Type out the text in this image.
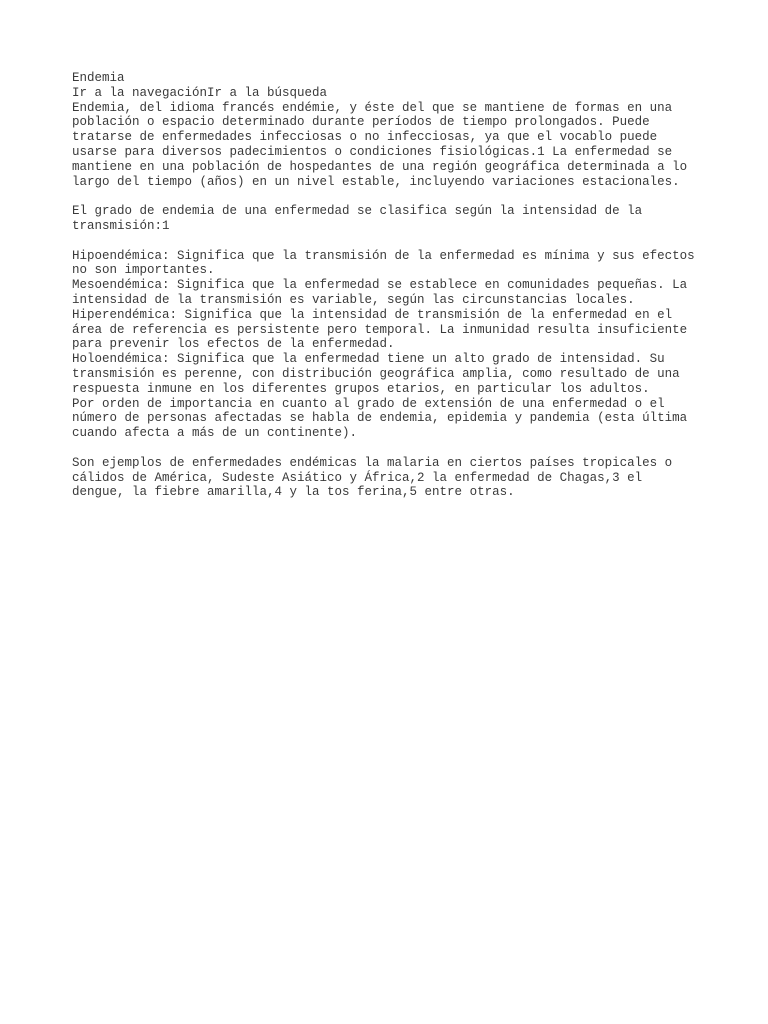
Endemia
Ir a la navegaciónIr a la búsqueda
Endemia, del idioma francés endémie, y éste del que se mantiene de formas en una
población o espacio determinado durante períodos de tiempo prolongados. Puede
tratarse de enfermedades infecciosas o no infecciosas, ya que el vocablo puede
usarse para diversos padecimientos o condiciones fisiológicas.1 La enfermedad se
mantiene en una población de hospedantes de una región geográfica determinada a lo
largo del tiempo (años) en un nivel estable, incluyendo variaciones estacionales.
El grado de endemia de una enfermedad se clasifica según la intensidad de la
transmisión:1
Hipoendémica: Significa que la transmisión de la enfermedad es mínima y sus efectos
no son importantes.
Mesoendémica: Significa que la enfermedad se establece en comunidades pequeñas. La
intensidad de la transmisión es variable, según las circunstancias locales.
Hiperendémica: Significa que la intensidad de transmisión de la enfermedad en el
área de referencia es persistente pero temporal. La inmunidad resulta insuficiente
para prevenir los efectos de la enfermedad.
Holoendémica: Significa que la enfermedad tiene un alto grado de intensidad. Su
transmisión es perenne, con distribución geográfica amplia, como resultado de una
respuesta inmune en los diferentes grupos etarios, en particular los adultos.
Por orden de importancia en cuanto al grado de extensión de una enfermedad o el
número de personas afectadas se habla de endemia, epidemia y pandemia (esta última
cuando afecta a más de un continente).
Son ejemplos de enfermedades endémicas la malaria en ciertos países tropicales o
cálidos de América, Sudeste Asiático y África,2 la enfermedad de Chagas,3 el
dengue, la fiebre amarilla,4 y la tos ferina,5 entre otras.
